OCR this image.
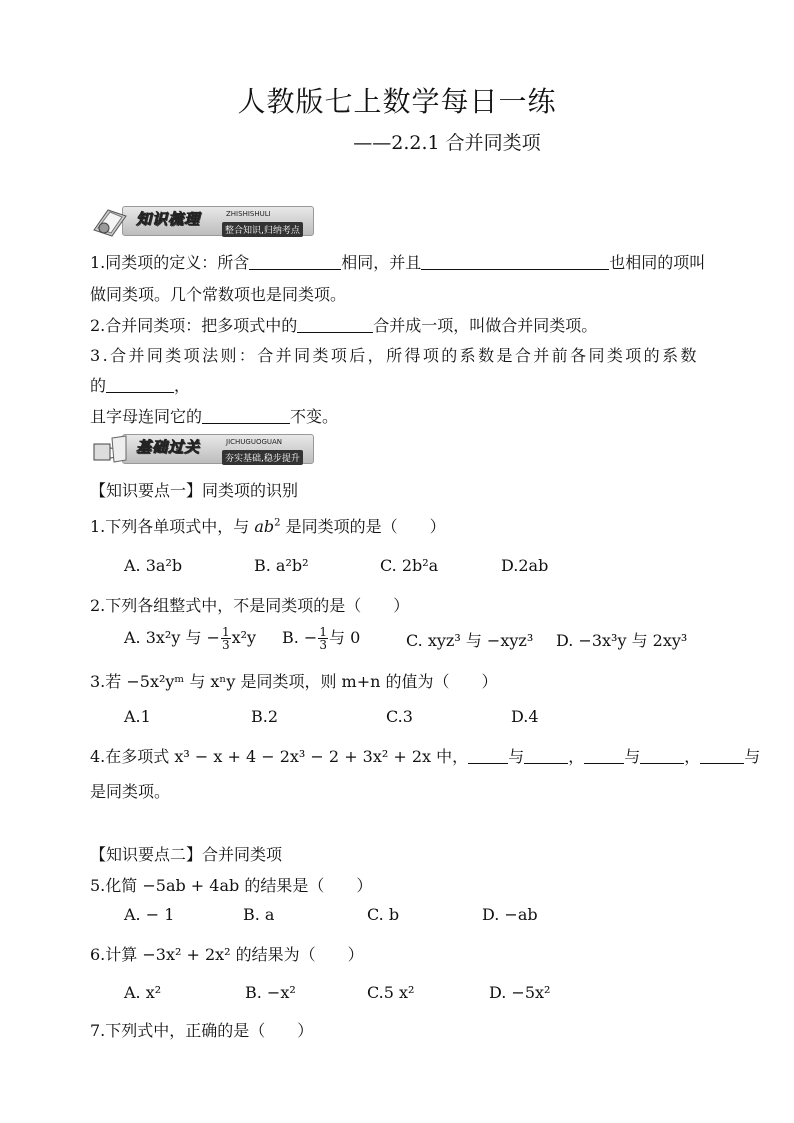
人教版七上数学每日一练
——2.2.1 合并同类项
知识梳理	ZHISHISHULI
整合知识,归纳考点
1.同类项的定义：所含	相同，并且	也相同的项叫
做同类项。几个常数项也是同类项。
2.合并同类项：把多项式中的	合并成一项，叫做合并同类项。
3.合并同类项法则：合并同类项后，所得项的系数是合并前各同类项的系数
的	，
且字母连同它的	不变。
基础过关	JICHUGUOGUAN
夯实基础,稳步提升
【知识要点一】同类项的识别
1.下列各单项式中，与 $ab^2$ 是同类项的是（　　）
A. 3a²b	B. a²b²	C. 2b²a	D.2ab
2.下列各组整式中，不是同类项的是（　　）
A. 3x²y 与 − $\frac{1}{3} x^2y$ B. − $\frac{1}{3}$ 与 0	C. xyz³ 与 −xyz³ D. −3x³y 与 2xy³
3.若 −5x²yᵐ 与 xⁿy 是同类项，则 m+n 的值为（　　）
A.1	B.2	C.3	D.4
4.在多项式 x³ − x + 4 − 2x³ − 2 + 3x² + 2x 中，	与	，	与	，	与
是同类项。
【知识要点二】合并同类项
5.化简 −5ab + 4ab 的结果是（　　）
A. − 1	B. a	C. b	D. −ab
6.计算 −3x² + 2x² 的结果为（　　）
A. x²	B. −x²	C.5 x²	D. −5x²
7.下列式中，正确的是（　　）
